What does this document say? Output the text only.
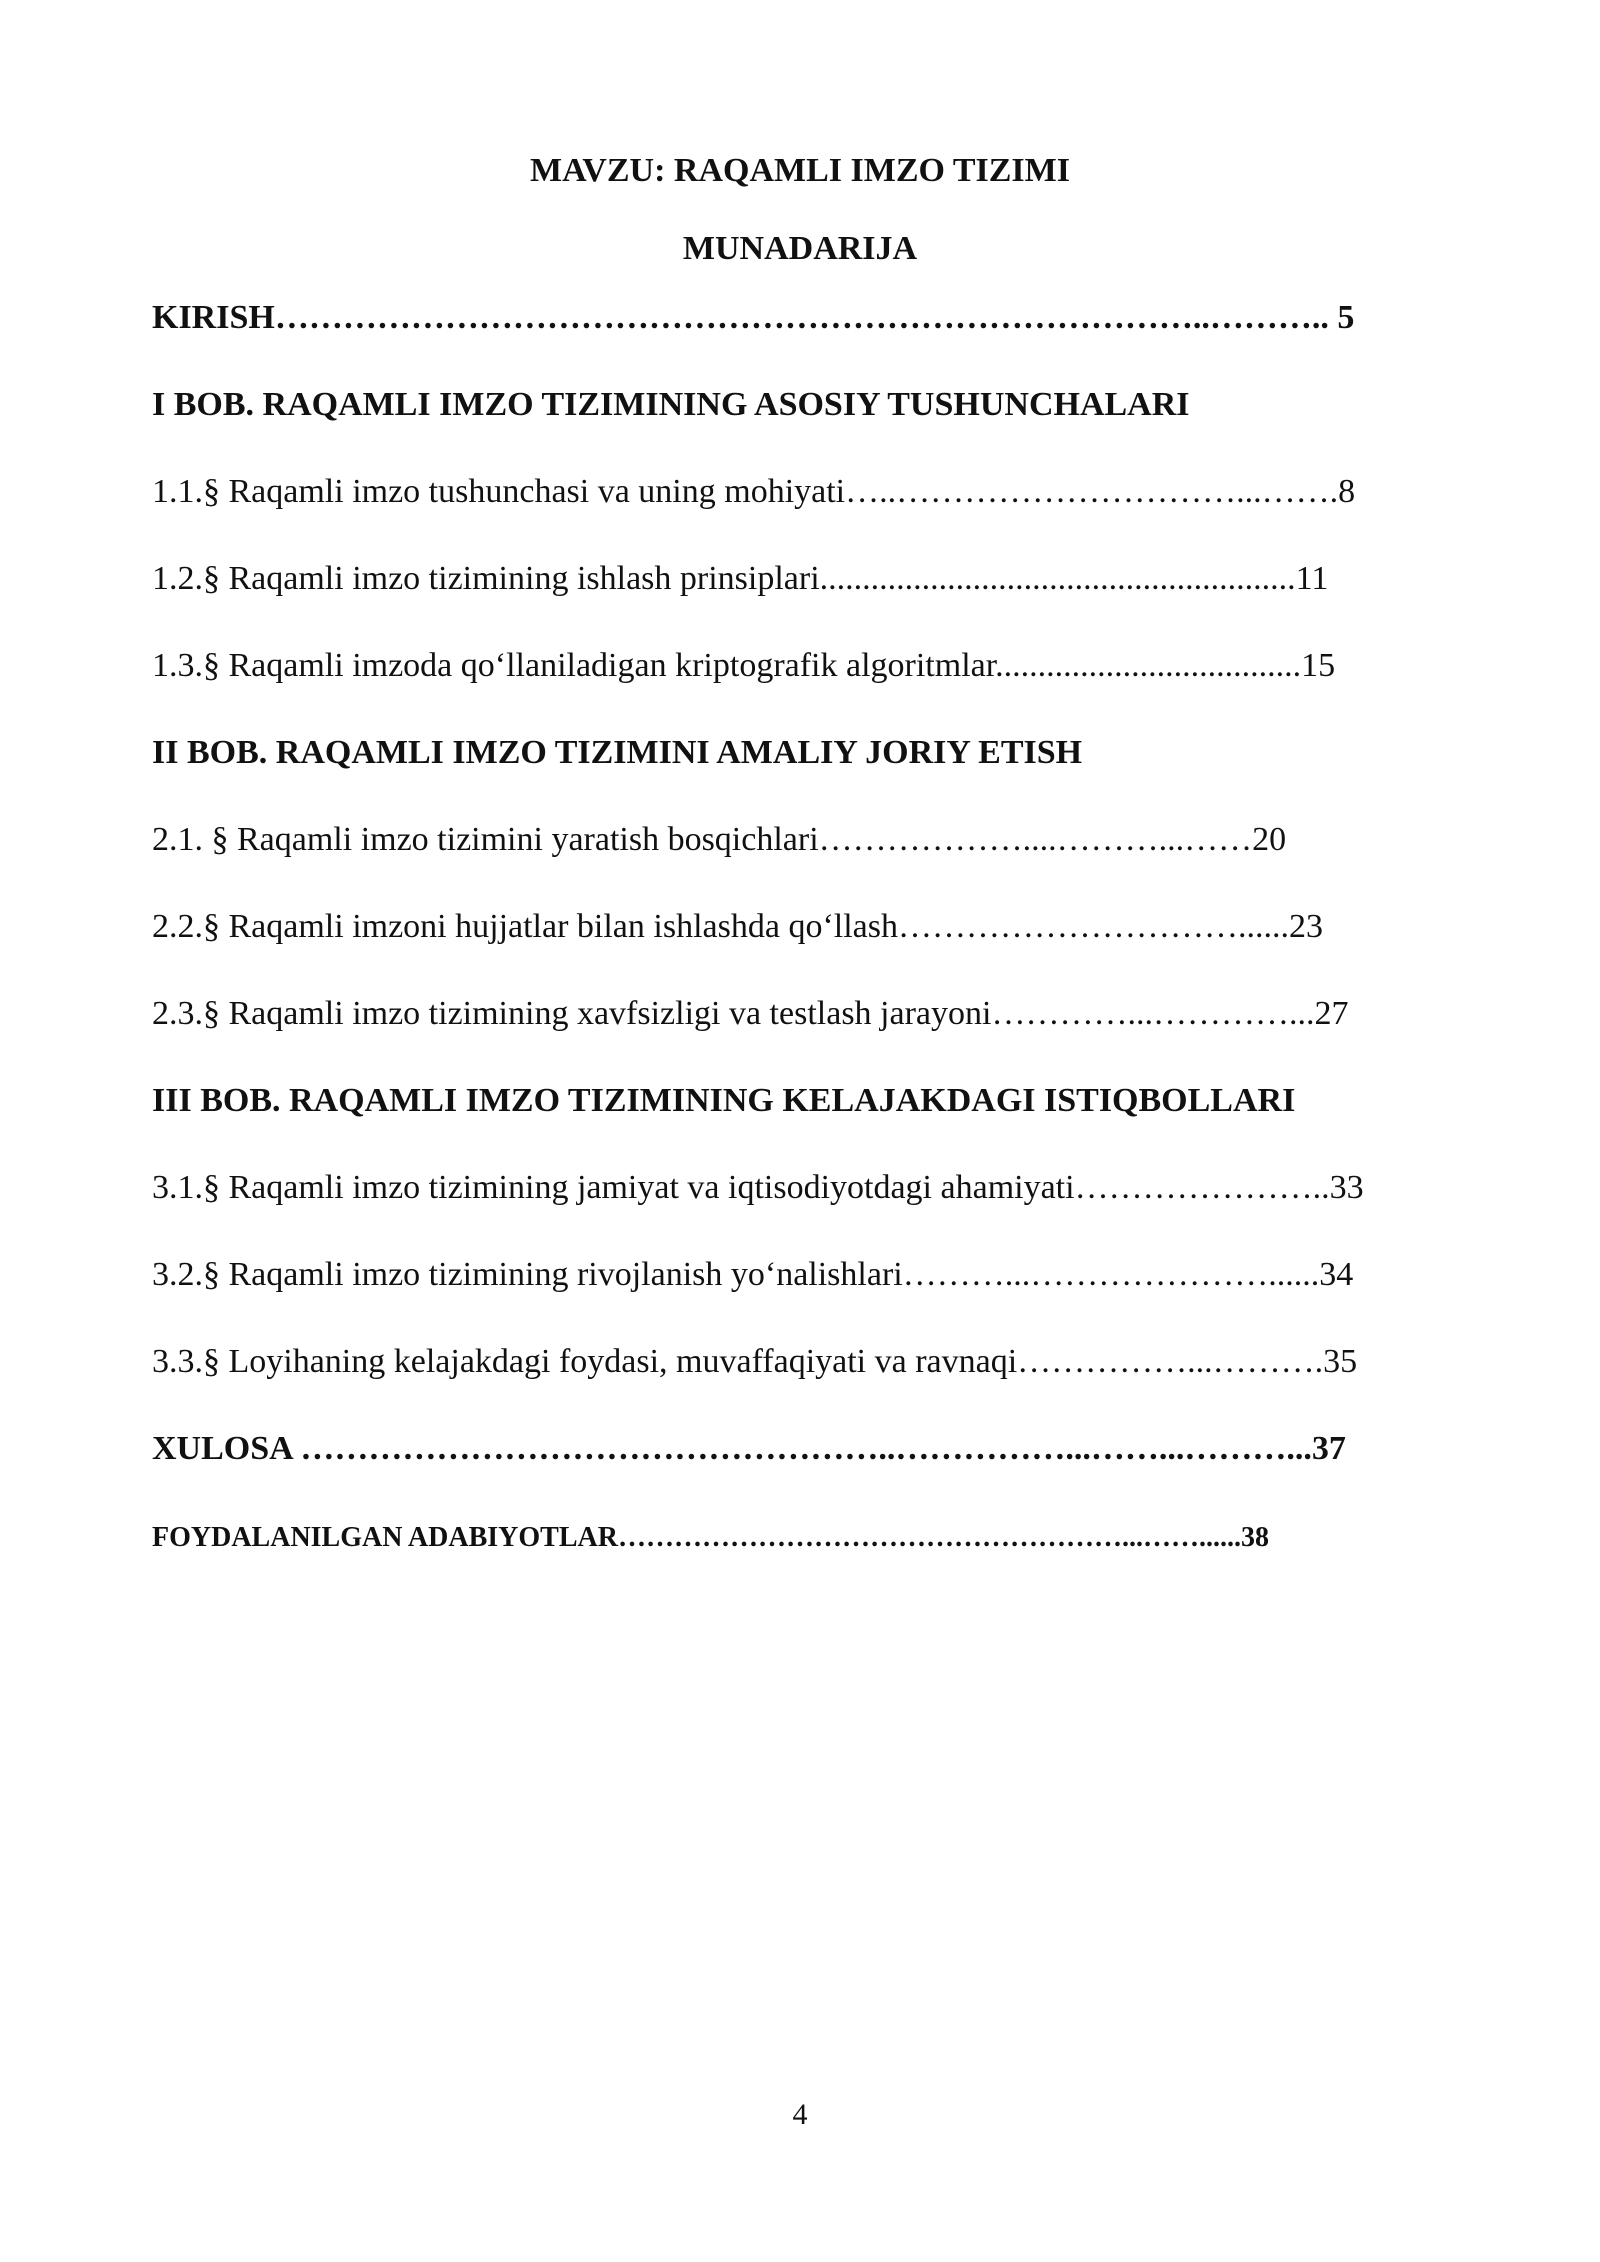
MAVZU: RAQAMLI IMZO TIZIMI
MUNADARIJA
KIRISH………………………………………………………………………..……….. 5
I BOB. RAQAMLI IMZO TIZIMINING ASOSIY TUSHUNCHALARI
1.1.§ Raqamli imzo tushunchasi va uning mohiyati…..…………………………...…….8
1.2.§ Raqamli imzo tizimining ishlash prinsiplari........................................................11
1.3.§ Raqamli imzoda qo‘llaniladigan kriptografik algoritmlar....................................15
II BOB. RAQAMLI IMZO TIZIMINI AMALIY JORIY ETISH
2.1. § Raqamli imzo tizimini yaratish bosqichlari………………....………...……20
2.2.§ Raqamli imzoni hujjatlar bilan ishlashda qo‘llash…………………………......23
2.3.§ Raqamli imzo tizimining xavfsizligi va testlash jarayoni…………...…………...27
III BOB. RAQAMLI IMZO TIZIMINING KELAJAKDAGI ISTIQBOLLARI
3.1.§ Raqamli imzo tizimining jamiyat va iqtisodiyotdagi ahamiyati…………………..33
3.2.§ Raqamli imzo tizimining rivojlanish yo‘nalishlari………...…………………......34
3.3.§ Loyihaning kelajakdagi foydasi, muvaffaqiyati va ravnaqi……………...……….35
XULOSA ……………………………………………..……………...……...………...37
FOYDALANILGAN ADABIYOTLAR………………………………………………...……......38
4
